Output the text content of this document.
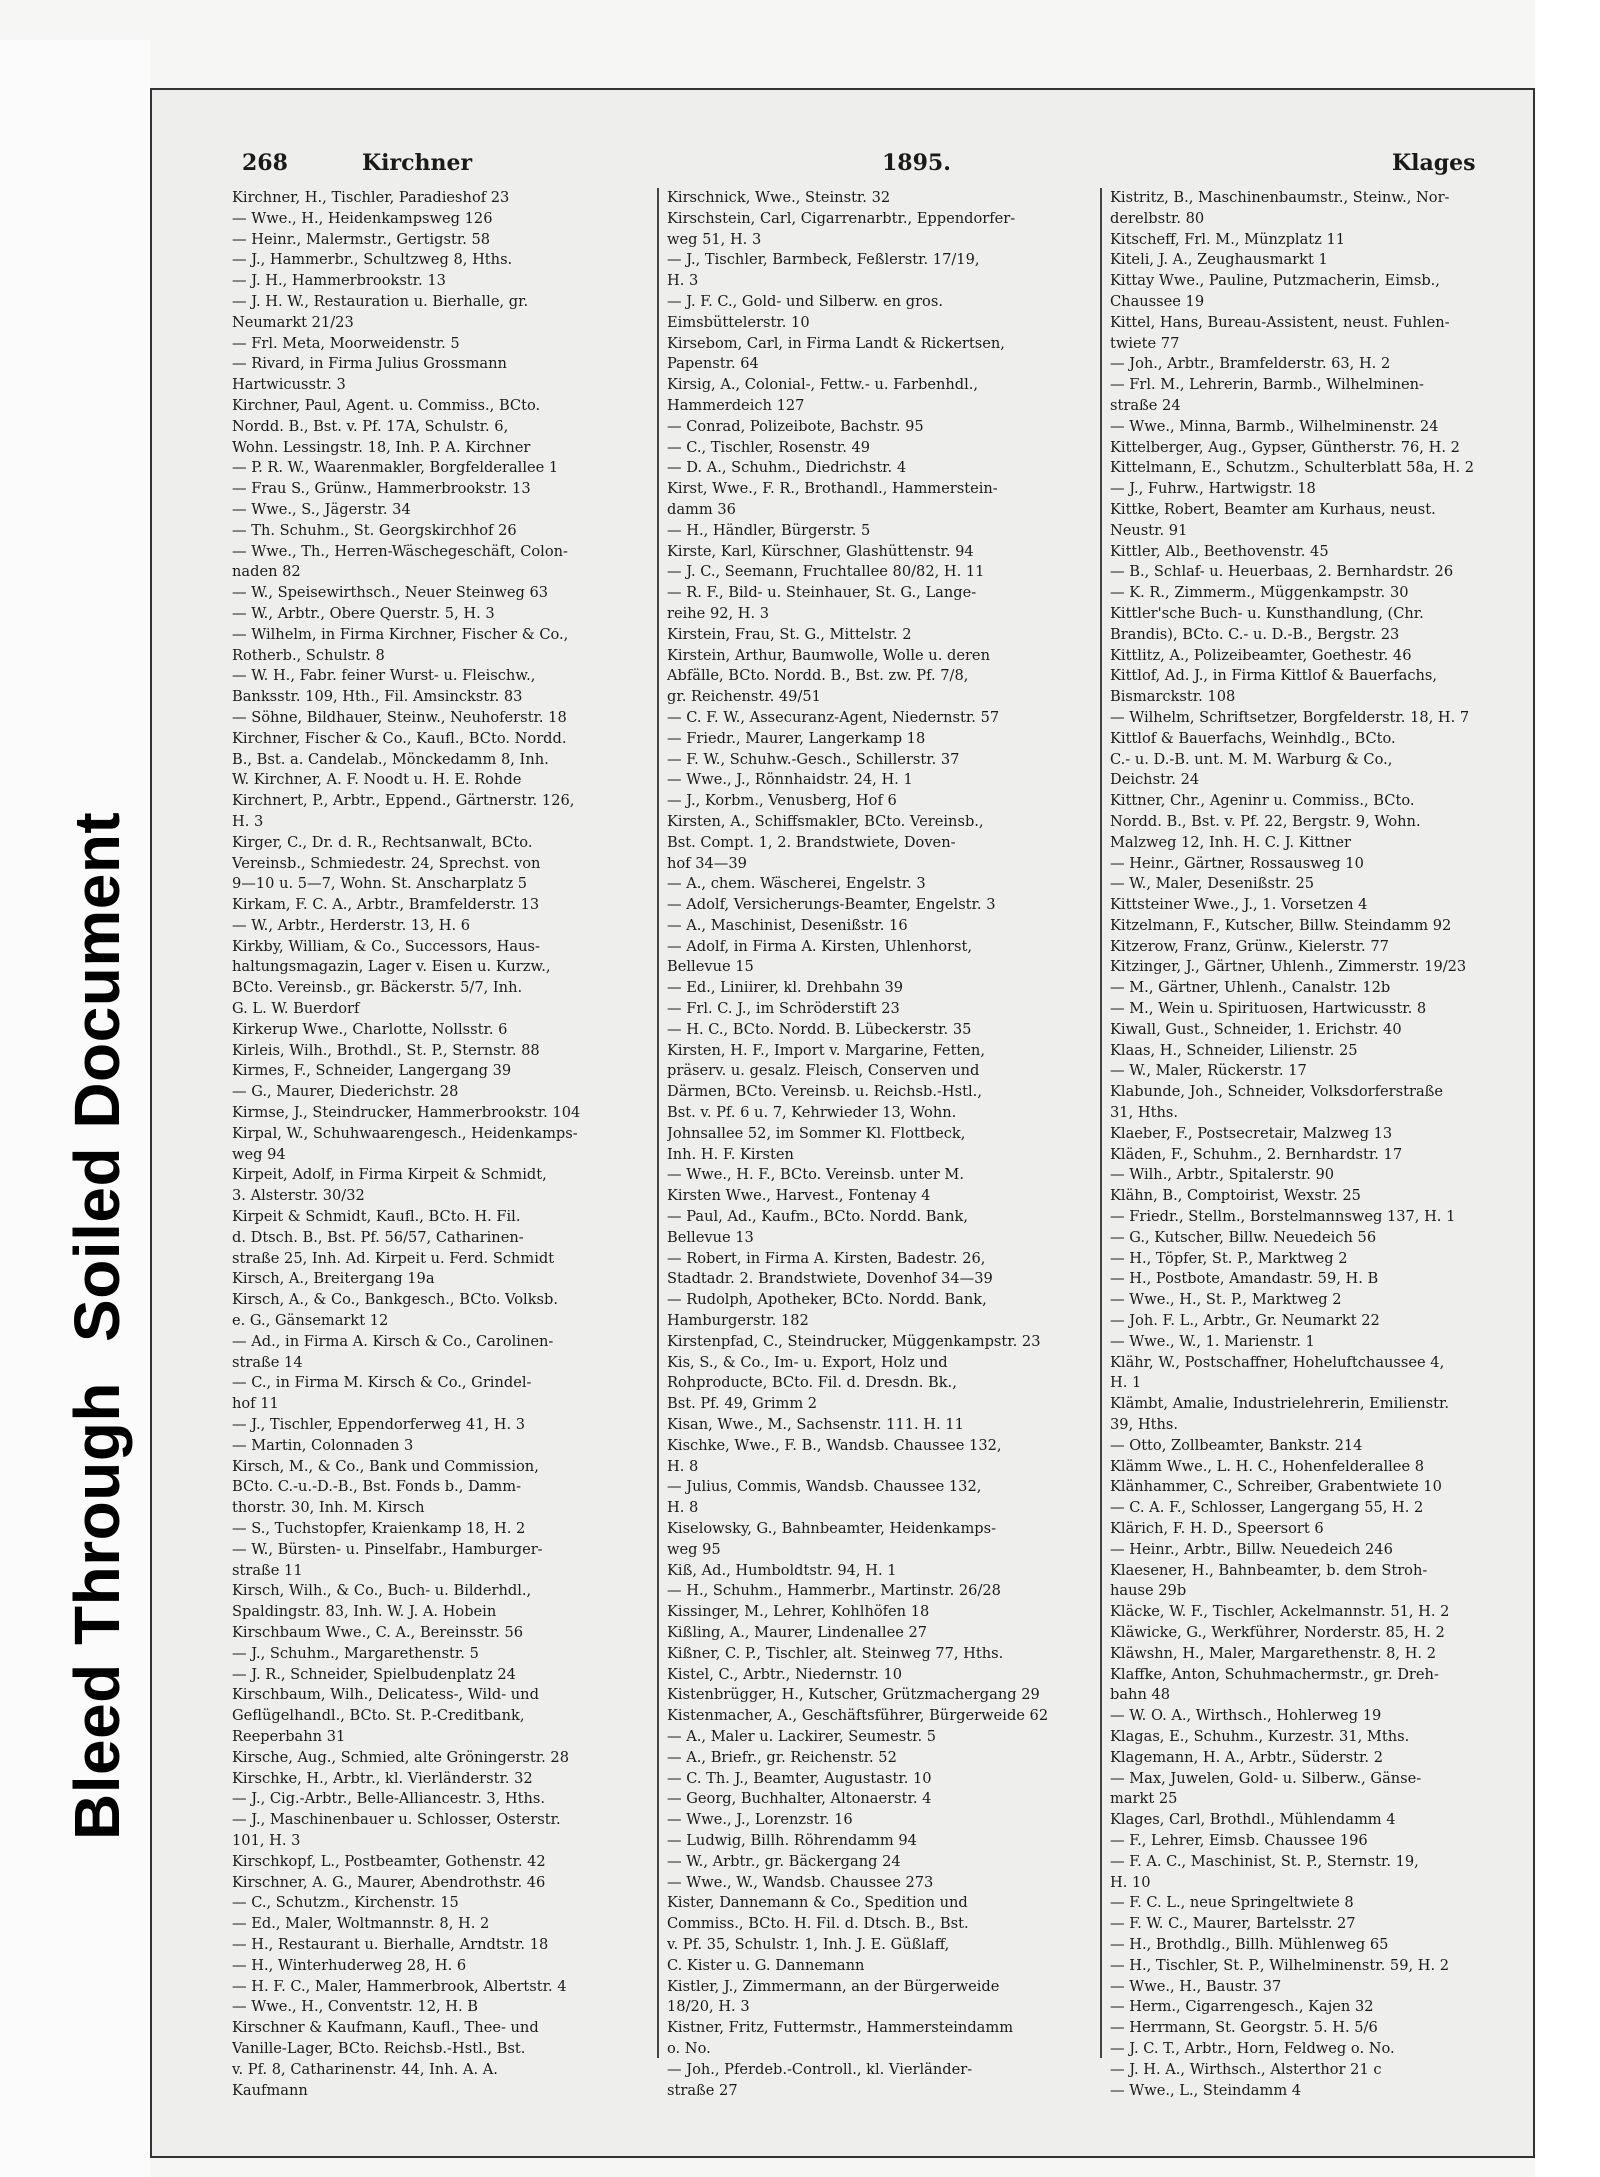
Bleed ThroughSoiled Document
268	Kirchner	1895.	Klages

Kirchner, H., Tischler, Paradieshof 23

— Wwe., H., Heidenkampsweg 126

— Heinr., Malermstr., Gertigstr. 58

— J., Hammerbr., Schultzweg 8, Hths.

— J. H., Hammerbrookstr. 13

— J. H. W., Restauration u. Bierhalle, gr.

Neumarkt 21/23

— Frl. Meta, Moorweidenstr. 5

— Rivard, in Firma Julius Grossmann

Hartwicusstr. 3

Kirchner, Paul, Agent. u. Commiss., BCto.

Nordd. B., Bst. v. Pf. 17A, Schulstr. 6,

Wohn. Lessingstr. 18, Inh. P. A. Kirchner

— P. R. W., Waarenmakler, Borgfelderallee 1

— Frau S., Grünw., Hammerbrookstr. 13

— Wwe., S., Jägerstr. 34

— Th. Schuhm., St. Georgskirchhof 26

— Wwe., Th., Herren-Wäschegeschäft, Colon-

naden 82

— W., Speisewirthsch., Neuer Steinweg 63

— W., Arbtr., Obere Querstr. 5, H. 3

— Wilhelm, in Firma Kirchner, Fischer & Co.,

Rotherb., Schulstr. 8

— W. H., Fabr. feiner Wurst- u. Fleischw.,

Banksstr. 109, Hth., Fil. Amsinckstr. 83

— Söhne, Bildhauer, Steinw., Neuhoferstr. 18

Kirchner, Fischer & Co., Kaufl., BCto. Nordd.

B., Bst. a. Candelab., Mönckedamm 8, Inh.

W. Kirchner, A. F. Noodt u. H. E. Rohde

Kirchnert, P., Arbtr., Eppend., Gärtnerstr. 126,

H. 3

Kirger, C., Dr. d. R., Rechtsanwalt, BCto.

Vereinsb., Schmiedestr. 24, Sprechst. von

9—10 u. 5—7, Wohn. St. Anscharplatz 5

Kirkam, F. C. A., Arbtr., Bramfelderstr. 13

— W., Arbtr., Herderstr. 13, H. 6

Kirkby, William, & Co., Successors, Haus-

haltungsmagazin, Lager v. Eisen u. Kurzw.,

BCto. Vereinsb., gr. Bäckerstr. 5/7, Inh.

G. L. W. Buerdorf

Kirkerup Wwe., Charlotte, Nollsstr. 6

Kirleis, Wilh., Brothdl., St. P., Sternstr. 88

Kirmes, F., Schneider, Langergang 39

— G., Maurer, Diederichstr. 28

Kirmse, J., Steindrucker, Hammerbrookstr. 104

Kirpal, W., Schuhwaarengesch., Heidenkamps-

weg 94

Kirpeit, Adolf, in Firma Kirpeit & Schmidt,

3. Alsterstr. 30/32

Kirpeit & Schmidt, Kaufl., BCto. H. Fil.

d. Dtsch. B., Bst. Pf. 56/57, Catharinen-

straße 25, Inh. Ad. Kirpeit u. Ferd. Schmidt

Kirsch, A., Breitergang 19a

Kirsch, A., & Co., Bankgesch., BCto. Volksb.

e. G., Gänsemarkt 12

— Ad., in Firma A. Kirsch & Co., Carolinen-

straße 14

— C., in Firma M. Kirsch & Co., Grindel-

hof 11

— J., Tischler, Eppendorferweg 41, H. 3

— Martin, Colonnaden 3

Kirsch, M., & Co., Bank und Commission,

BCto. C.-u.-D.-B., Bst. Fonds b., Damm-

thorstr. 30, Inh. M. Kirsch

— S., Tuchstopfer, Kraienkamp 18, H. 2

— W., Bürsten- u. Pinselfabr., Hamburger-

straße 11

Kirsch, Wilh., & Co., Buch- u. Bilderhdl.,

Spaldingstr. 83, Inh. W. J. A. Hobein

Kirschbaum Wwe., C. A., Bereinsstr. 56

— J., Schuhm., Margarethenstr. 5

— J. R., Schneider, Spielbudenplatz 24

Kirschbaum, Wilh., Delicatess-, Wild- und

Geflügelhandl., BCto. St. P.-Creditbank,

Reeperbahn 31

Kirsche, Aug., Schmied, alte Gröningerstr. 28

Kirschke, H., Arbtr., kl. Vierländerstr. 32

— J., Cig.-Arbtr., Belle-Alliancestr. 3, Hths.

— J., Maschinenbauer u. Schlosser, Osterstr.

101, H. 3

Kirschkopf, L., Postbeamter, Gothenstr. 42

Kirschner, A. G., Maurer, Abendrothstr. 46

— C., Schutzm., Kirchenstr. 15

— Ed., Maler, Woltmannstr. 8, H. 2

— H., Restaurant u. Bierhalle, Arndtstr. 18

— H., Winterhuderweg 28, H. 6

— H. F. C., Maler, Hammerbrook, Albertstr. 4

— Wwe., H., Conventstr. 12, H. B

Kirschner & Kaufmann, Kaufl., Thee- und

Vanille-Lager, BCto. Reichsb.-Hstl., Bst.

v. Pf. 8, Catharinenstr. 44, Inh. A. A.

Kaufmann

Kirschnick, Wwe., Steinstr. 32

Kirschstein, Carl, Cigarrenarbtr., Eppendorfer-

weg 51, H. 3

— J., Tischler, Barmbeck, Feßlerstr. 17/19,

H. 3

— J. F. C., Gold- und Silberw. en gros.

Eimsbüttelerstr. 10

Kirsebom, Carl, in Firma Landt & Rickertsen,

Papenstr. 64

Kirsig, A., Colonial-, Fettw.- u. Farbenhdl.,

Hammerdeich 127

— Conrad, Polizeibote, Bachstr. 95

— C., Tischler, Rosenstr. 49

— D. A., Schuhm., Diedrichstr. 4

Kirst, Wwe., F. R., Brothandl., Hammerstein-

damm 36

— H., Händler, Bürgerstr. 5

Kirste, Karl, Kürschner, Glashüttenstr. 94

— J. C., Seemann, Fruchtallee 80/82, H. 11

— R. F., Bild- u. Steinhauer, St. G., Lange-

reihe 92, H. 3

Kirstein, Frau, St. G., Mittelstr. 2

Kirstein, Arthur, Baumwolle, Wolle u. deren

Abfälle, BCto. Nordd. B., Bst. zw. Pf. 7/8,

gr. Reichenstr. 49/51

— C. F. W., Assecuranz-Agent, Niedernstr. 57

— Friedr., Maurer, Langerkamp 18

— F. W., Schuhw.-Gesch., Schillerstr. 37

— Wwe., J., Rönnhaidstr. 24, H. 1

— J., Korbm., Venusberg, Hof 6

Kirsten, A., Schiffsmakler, BCto. Vereinsb.,

Bst. Compt. 1, 2. Brandstwiete, Doven-

hof 34—39

— A., chem. Wäscherei, Engelstr. 3

— Adolf, Versicherungs-Beamter, Engelstr. 3

— A., Maschinist, Desenißstr. 16

— Adolf, in Firma A. Kirsten, Uhlenhorst,

Bellevue 15

— Ed., Liniirer, kl. Drehbahn 39

— Frl. C. J., im Schröderstift 23

— H. C., BCto. Nordd. B. Lübeckerstr. 35

Kirsten, H. F., Import v. Margarine, Fetten,

präserv. u. gesalz. Fleisch, Conserven und

Därmen, BCto. Vereinsb. u. Reichsb.-Hstl.,

Bst. v. Pf. 6 u. 7, Kehrwieder 13, Wohn.

Johnsallee 52, im Sommer Kl. Flottbeck,

Inh. H. F. Kirsten

— Wwe., H. F., BCto. Vereinsb. unter M.

Kirsten Wwe., Harvest., Fontenay 4

— Paul, Ad., Kaufm., BCto. Nordd. Bank,

Bellevue 13

— Robert, in Firma A. Kirsten, Badestr. 26,

Stadtadr. 2. Brandstwiete, Dovenhof 34—39

— Rudolph, Apotheker, BCto. Nordd. Bank,

Hamburgerstr. 182

Kirstenpfad, C., Steindrucker, Müggenkampstr. 23

Kis, S., & Co., Im- u. Export, Holz und

Rohproducte, BCto. Fil. d. Dresdn. Bk.,

Bst. Pf. 49, Grimm 2

Kisan, Wwe., M., Sachsenstr. 111. H. 11

Kischke, Wwe., F. B., Wandsb. Chaussee 132,

H. 8

— Julius, Commis, Wandsb. Chaussee 132,

H. 8

Kiselowsky, G., Bahnbeamter, Heidenkamps-

weg 95

Kiß, Ad., Humboldtstr. 94, H. 1

— H., Schuhm., Hammerbr., Martinstr. 26/28

Kissinger, M., Lehrer, Kohlhöfen 18

Kißling, A., Maurer, Lindenallee 27

Kißner, C. P., Tischler, alt. Steinweg 77, Hths.

Kistel, C., Arbtr., Niedernstr. 10

Kistenbrügger, H., Kutscher, Grützmachergang 29

Kistenmacher, A., Geschäftsführer, Bürgerweide 62

— A., Maler u. Lackirer, Seumestr. 5

— A., Briefr., gr. Reichenstr. 52

— C. Th. J., Beamter, Augustastr. 10

— Georg, Buchhalter, Altonaerstr. 4

— Wwe., J., Lorenzstr. 16

— Ludwig, Billh. Röhrendamm 94

— W., Arbtr., gr. Bäckergang 24

— Wwe., W., Wandsb. Chaussee 273

Kister, Dannemann & Co., Spedition und

Commiss., BCto. H. Fil. d. Dtsch. B., Bst.

v. Pf. 35, Schulstr. 1, Inh. J. E. Güßlaff,

C. Kister u. G. Dannemann

Kistler, J., Zimmermann, an der Bürgerweide

18/20, H. 3

Kistner, Fritz, Futtermstr., Hammersteindamm

o. No.

— Joh., Pferdeb.-Controll., kl. Vierländer-

straße 27

Kistritz, B., Maschinenbaumstr., Steinw., Nor-

derelbstr. 80

Kitscheff, Frl. M., Münzplatz 11

Kiteli, J. A., Zeughausmarkt 1

Kittay Wwe., Pauline, Putzmacherin, Eimsb.,

Chaussee 19

Kittel, Hans, Bureau-Assistent, neust. Fuhlen-

twiete 77

— Joh., Arbtr., Bramfelderstr. 63, H. 2

— Frl. M., Lehrerin, Barmb., Wilhelminen-

straße 24

— Wwe., Minna, Barmb., Wilhelminenstr. 24

Kittelberger, Aug., Gypser, Güntherstr. 76, H. 2

Kittelmann, E., Schutzm., Schulterblatt 58a, H. 2

— J., Fuhrw., Hartwigstr. 18

Kittke, Robert, Beamter am Kurhaus, neust.

Neustr. 91

Kittler, Alb., Beethovenstr. 45

— B., Schlaf- u. Heuerbaas, 2. Bernhardstr. 26

— K. R., Zimmerm., Müggenkampstr. 30

Kittler'sche Buch- u. Kunsthandlung, (Chr.

Brandis), BCto. C.- u. D.-B., Bergstr. 23

Kittlitz, A., Polizeibeamter, Goethestr. 46

Kittlof, Ad. J., in Firma Kittlof & Bauerfachs,

Bismarckstr. 108

— Wilhelm, Schriftsetzer, Borgfelderstr. 18, H. 7

Kittlof & Bauerfachs, Weinhdlg., BCto.

C.- u. D.-B. unt. M. M. Warburg & Co.,

Deichstr. 24

Kittner, Chr., Ageninr u. Commiss., BCto.

Nordd. B., Bst. v. Pf. 22, Bergstr. 9, Wohn.

Malzweg 12, Inh. H. C. J. Kittner

— Heinr., Gärtner, Rossausweg 10

— W., Maler, Desenißstr. 25

Kittsteiner Wwe., J., 1. Vorsetzen 4

Kitzelmann, F., Kutscher, Billw. Steindamm 92

Kitzerow, Franz, Grünw., Kielerstr. 77

Kitzinger, J., Gärtner, Uhlenh., Zimmerstr. 19/23

— M., Gärtner, Uhlenh., Canalstr. 12b

— M., Wein u. Spirituosen, Hartwicusstr. 8

Kiwall, Gust., Schneider, 1. Erichstr. 40

Klaas, H., Schneider, Lilienstr. 25

— W., Maler, Rückerstr. 17

Klabunde, Joh., Schneider, Volksdorferstraße

31, Hths.

Klaeber, F., Postsecretair, Malzweg 13

Kläden, F., Schuhm., 2. Bernhardstr. 17

— Wilh., Arbtr., Spitalerstr. 90

Klähn, B., Comptoirist, Wexstr. 25

— Friedr., Stellm., Borstelmannsweg 137, H. 1

— G., Kutscher, Billw. Neuedeich 56

— H., Töpfer, St. P., Marktweg 2

— H., Postbote, Amandastr. 59, H. B

— Wwe., H., St. P., Marktweg 2

— Joh. F. L., Arbtr., Gr. Neumarkt 22

— Wwe., W., 1. Marienstr. 1

Klähr, W., Postschaffner, Hoheluftchaussee 4,

H. 1

Klämbt, Amalie, Industrielehrerin, Emilienstr.

39, Hths.

— Otto, Zollbeamter, Bankstr. 214

Klämm Wwe., L. H. C., Hohenfelderallee 8

Klänhammer, C., Schreiber, Grabentwiete 10

— C. A. F., Schlosser, Langergang 55, H. 2

Klärich, F. H. D., Speersort 6

— Heinr., Arbtr., Billw. Neuedeich 246

Klaesener, H., Bahnbeamter, b. dem Stroh-

hause 29b

Kläcke, W. F., Tischler, Ackelmannstr. 51, H. 2

Kläwicke, G., Werkführer, Norderstr. 85, H. 2

Kläwshn, H., Maler, Margarethenstr. 8, H. 2

Klaffke, Anton, Schuhmachermstr., gr. Dreh-

bahn 48

— W. O. A., Wirthsch., Hohlerweg 19

Klagas, E., Schuhm., Kurzestr. 31, Mths.

Klagemann, H. A., Arbtr., Süderstr. 2

— Max, Juwelen, Gold- u. Silberw., Gänse-

markt 25

Klages, Carl, Brothdl., Mühlendamm 4

— F., Lehrer, Eimsb. Chaussee 196

— F. A. C., Maschinist, St. P., Sternstr. 19,

H. 10

— F. C. L., neue Springeltwiete 8

— F. W. C., Maurer, Bartelsstr. 27

— H., Brothdlg., Billh. Mühlenweg 65

— H., Tischler, St. P., Wilhelminenstr. 59, H. 2

— Wwe., H., Baustr. 37

— Herm., Cigarrengesch., Kajen 32

— Herrmann, St. Georgstr. 5. H. 5/6

— J. C. T., Arbtr., Horn, Feldweg o. No.

— J. H. A., Wirthsch., Alsterthor 21 c

— Wwe., L., Steindamm 4
